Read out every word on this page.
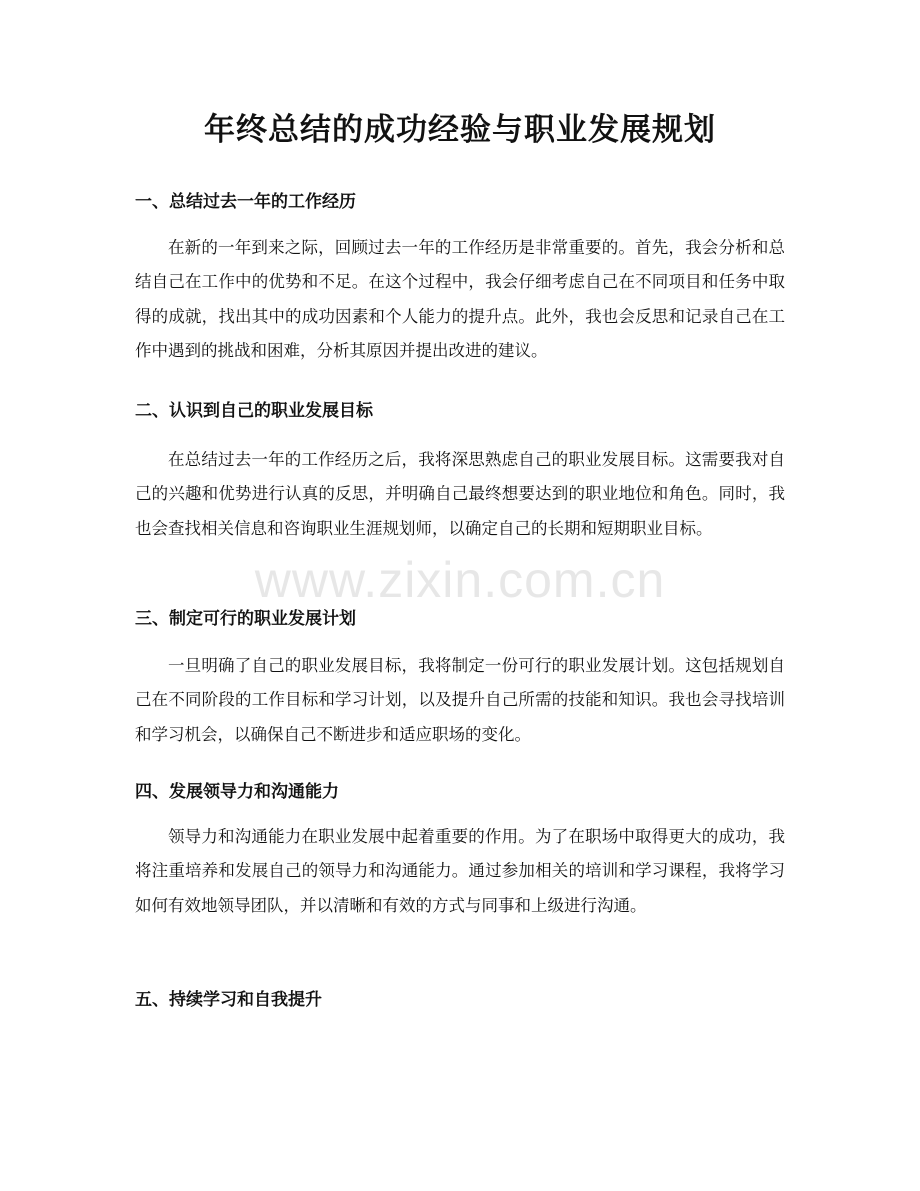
年终总结的成功经验与职业发展规划
一、总结过去一年的工作经历

在新的一年到来之际，回顾过去一年的工作经历是非常重要的。首先，我会分析和总结自己在工作中的优势和不足。在这个过程中，我会仔细考虑自己在不同项目和任务中取得的成就，找出其中的成功因素和个人能力的提升点。此外，我也会反思和记录自己在工作中遇到的挑战和困难，分析其原因并提出改进的建议。

二、认识到自己的职业发展目标

在总结过去一年的工作经历之后，我将深思熟虑自己的职业发展目标。这需要我对自己的兴趣和优势进行认真的反思，并明确自己最终想要达到的职业地位和角色。同时，我也会查找相关信息和咨询职业生涯规划师，以确定自己的长期和短期职业目标。

三、制定可行的职业发展计划

一旦明确了自己的职业发展目标，我将制定一份可行的职业发展计划。这包括规划自己在不同阶段的工作目标和学习计划，以及提升自己所需的技能和知识。我也会寻找培训和学习机会，以确保自己不断进步和适应职场的变化。

四、发展领导力和沟通能力

领导力和沟通能力在职业发展中起着重要的作用。为了在职场中取得更大的成功，我将注重培养和发展自己的领导力和沟通能力。通过参加相关的培训和学习课程，我将学习如何有效地领导团队，并以清晰和有效的方式与同事和上级进行沟通。

五、持续学习和自我提升
www.zixin.com.cn
